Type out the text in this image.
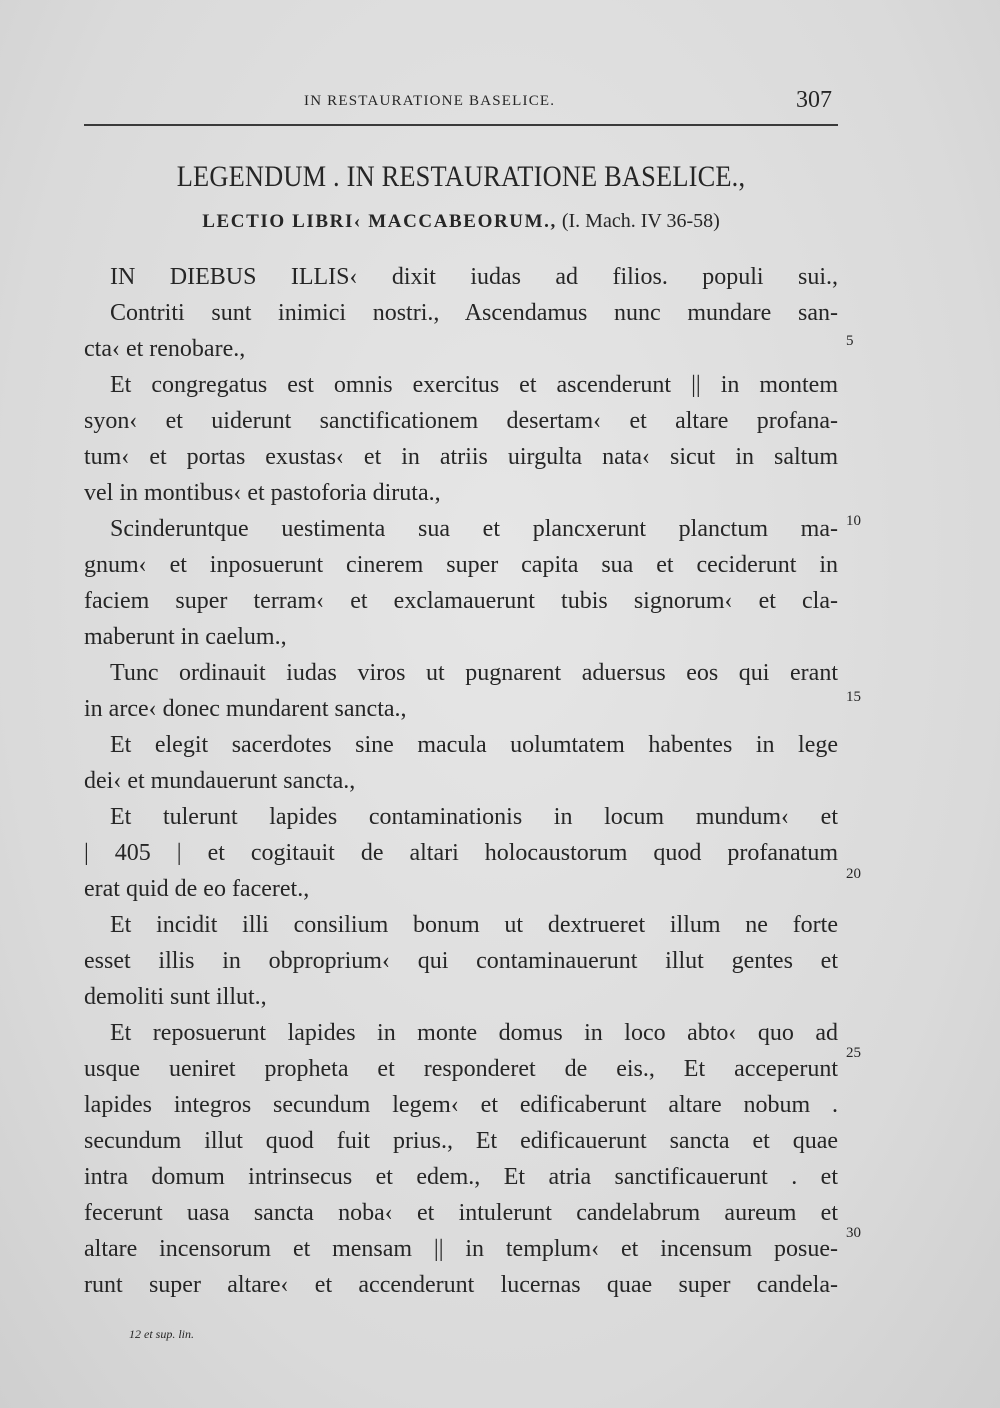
IN RESTAURATIONE BASELICE.	307
LEGENDUM . IN RESTAURATIONE BASELICE.,
LECTIO LIBRI‹ MACCABEORUM., (I. Mach. IV 36-58)
IN DIEBUS ILLIS‹ dixit iudas ad filios. populi sui.,
Contriti sunt inimici nostri., Ascendamus nunc mundare san-
cta‹ et renobare.,
Et congregatus est omnis exercitus et ascenderunt || in montem
syon‹ et uiderunt sanctificationem desertam‹ et altare profana-
tum‹ et portas exustas‹ et in atriis uirgulta nata‹ sicut in saltum
vel in montibus‹ et pastoforia diruta.,
Scinderuntque uestimenta sua et plancxerunt planctum ma-
gnum‹ et inposuerunt cinerem super capita sua et ceciderunt in
faciem super terram‹ et exclamauerunt tubis signorum‹ et cla-
maberunt in caelum.,
Tunc ordinauit iudas viros ut pugnarent aduersus eos qui erant
in arce‹ donec mundarent sancta.,
Et elegit sacerdotes sine macula uolumtatem habentes in lege
dei‹ et mundauerunt sancta.,
Et tulerunt lapides contaminationis in locum mundum‹ et
| 405 | et cogitauit de altari holocaustorum quod profanatum
erat quid de eo faceret.,
Et incidit illi consilium bonum ut dextrueret illum ne forte
esset illis in obproprium‹ qui contaminauerunt illut gentes et
demoliti sunt illut.,
Et reposuerunt lapides in monte domus in loco abto‹ quo ad
usque ueniret propheta et responderet de eis., Et acceperunt
lapides integros secundum legem‹ et edificaberunt altare nobum .
secundum illut quod fuit prius., Et edificauerunt sancta et quae
intra domum intrinsecus et edem., Et atria sanctificauerunt . et
fecerunt uasa sancta noba‹ et intulerunt candelabrum aureum et
altare incensorum et mensam || in templum‹ et incensum posue-
runt super altare‹ et accenderunt lucernas quae super candela-
5
10
15
20
25
30
12 et sup. lin.
